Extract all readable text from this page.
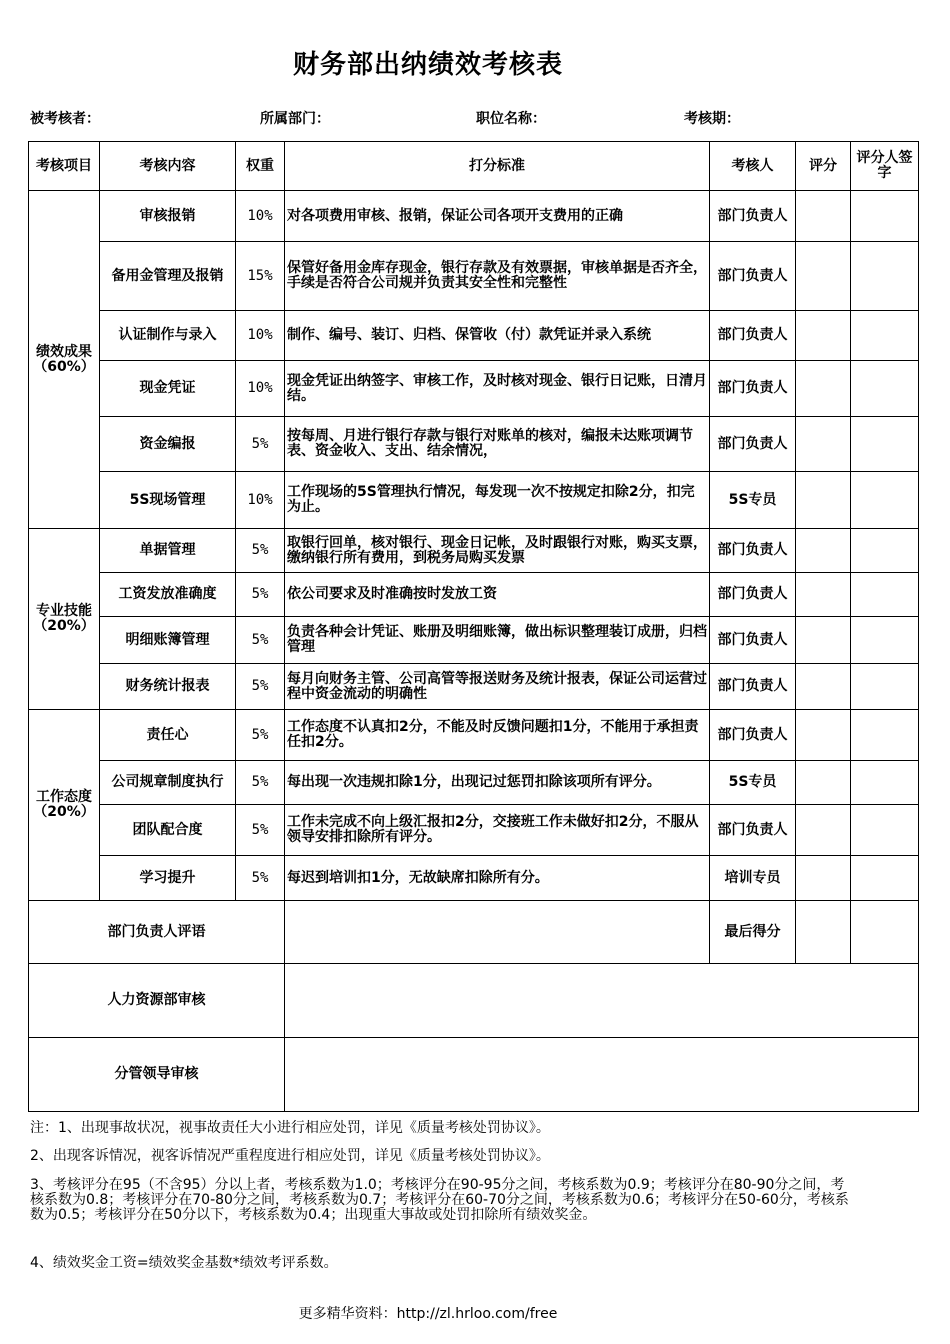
财务部出纳绩效考核表
被考核者：	所属部门：	职位名称：	考核期：
考核项目	考核内容	权重	打分标准	考核人	评分	评分人签字
绩效成果（60%）	审核报销	10%	对各项费用审核、报销，保证公司各项开支费用的正确	部门负责人		
	备用金管理及报销	15%	保管好备用金库存现金，银行存款及有效票据，审核单据是否齐全，手续是否符合公司规并负责其安全性和完整性	部门负责人		
	认证制作与录入	10%	制作、编号、装订、归档、保管收（付）款凭证并录入系统	部门负责人		
	现金凭证	10%	现金凭证出纳签字、审核工作，及时核对现金、银行日记账，日清月结。	部门负责人		
	资金编报	5%	按每周、月进行银行存款与银行对账单的核对，编报未达账项调节表、资金收入、支出、结余情况，	部门负责人		
	5S现场管理	10%	工作现场的5S管理执行情况，每发现一次不按规定扣除2分，扣完为止。	5S专员		
专业技能（20%）	单据管理	5%	取银行回单，核对银行、现金日记帐，及时跟银行对账，购买支票，缴纳银行所有费用，到税务局购买发票	部门负责人		
	工资发放准确度	5%	依公司要求及时准确按时发放工资	部门负责人		
	明细账簿管理	5%	负责各种会计凭证、账册及明细账簿，做出标识整理装订成册，归档管理	部门负责人		
	财务统计报表	5%	每月向财务主管、公司高管等报送财务及统计报表，保证公司运营过程中资金流动的明确性	部门负责人		
工作态度（20%）	责任心	5%	工作态度不认真扣2分，不能及时反馈问题扣1分，不能用于承担责任扣2分。	部门负责人		
	公司规章制度执行	5%	每出现一次违规扣除1分，出现记过惩罚扣除该项所有评分。	5S专员		
	团队配合度	5%	工作未完成不向上级汇报扣2分，交接班工作未做好扣2分，不服从领导安排扣除所有评分。	部门负责人		
	学习提升	5%	每迟到培训扣1分，无故缺席扣除所有分。	培训专员		
部门负责人评语				最后得分		
人力资源部审核						
分管领导审核						
注：1、出现事故状况，视事故责任大小进行相应处罚，详见《质量考核处罚协议》。
2、出现客诉情况，视客诉情况严重程度进行相应处罚，详见《质量考核处罚协议》。
3、考核评分在95（不含95）分以上者，考核系数为1.0；考核评分在90-95分之间，考核系数为0.9；考核评分在80-90分之间，考核系数为0.8；考核评分在70-80分之间，考核系数为0.7；考核评分在60-70分之间，考核系数为0.6；考核评分在50-60分，考核系数为0.5；考核评分在50分以下，考核系数为0.4；出现重大事故或处罚扣除所有绩效奖金。
4、绩效奖金工资=绩效奖金基数*绩效考评系数。
更多精华资料：http://zl.hrloo.com/free
